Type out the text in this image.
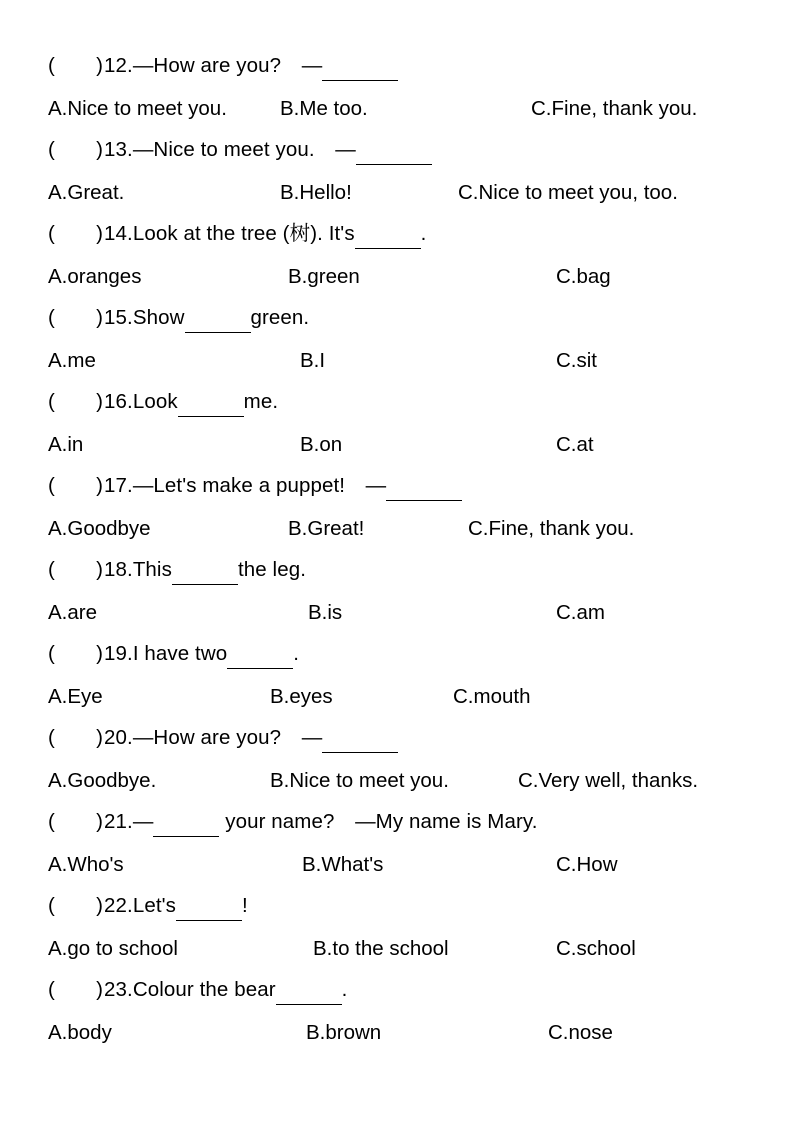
(　　)12.—How are you?　—
A.Nice to meet you.	B.Me too.	C.Fine, thank you.
(　　)13.—Nice to meet you.　—
A.Great.	B.Hello!	C.Nice to meet you, too.
(　　)14.Look at the tree (树). It's	.
A.oranges	B.green	C.bag
(　　)15.Show	green.
A.me	B.I	C.sit
(　　)16.Look	me.
A.in	B.on	C.at
(　　)17.—Let's make a puppet!　—
A.Goodbye	B.Great!	C.Fine, thank you.
(　　)18.This	the leg.
A.are	B.is	C.am
(　　)19.I have two	.
A.Eye	B.eyes	C.mouth
(　　)20.—How are you?　—
A.Goodbye.	B.Nice to meet you.	C.Very well, thanks.
(　　)21.—	your name?　—My name is Mary.
A.Who's	B.What's	C.How
(　　)22.Let's	!
A.go to school	B.to the school	C.school
(　　)23.Colour the bear	.
A.body	B.brown	C.nose
